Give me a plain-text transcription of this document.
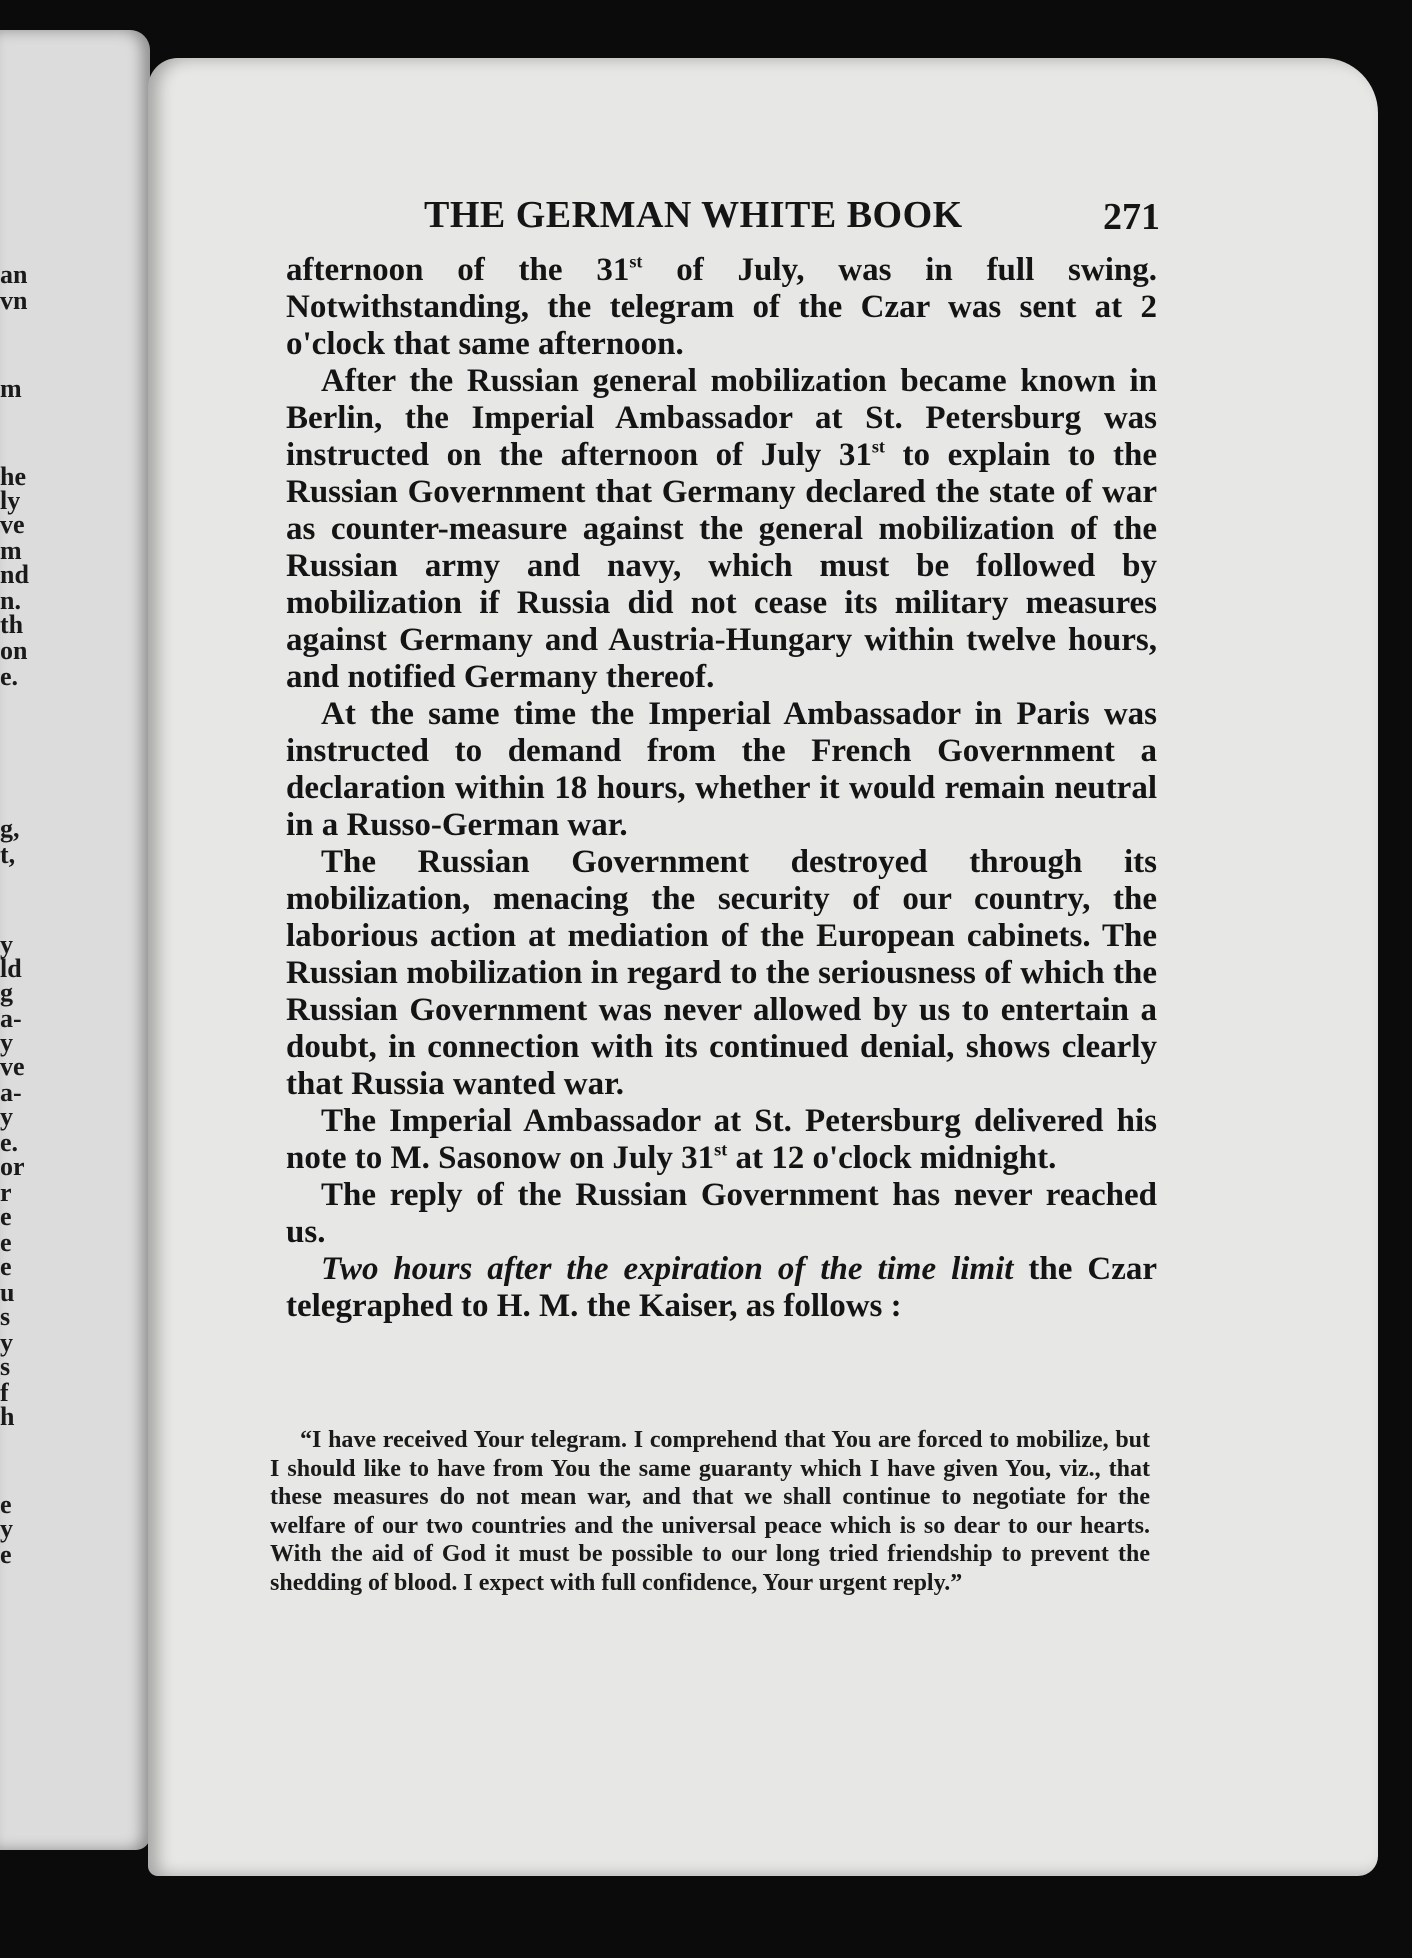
an
vn
m
he
ly
ve
m
nd
n.
th
on
e.
g,
t,
y
ld
g
a-
y
ve
a-
y
e.
or
r
e
e
e
u
s
y
s
f
h
e
y
e
THE GERMAN WHITE BOOK	271

afternoon of the 31st of July, was in full swing. Notwithstanding, the telegram of the Czar was sent at 2 o'clock that same afternoon.

After the Russian general mobilization became known in Berlin, the Imperial Ambassador at St. Petersburg was instructed on the afternoon of July 31st to explain to the Russian Government that Germany declared the state of war as counter-measure against the general mobilization of the Russian army and navy, which must be followed by mobilization if Russia did not cease its military measures against Germany and Austria-Hungary within twelve hours, and notified Germany thereof.

At the same time the Imperial Ambassador in Paris was instructed to demand from the French Government a declaration within 18 hours, whether it would remain neutral in a Russo-German war.

The Russian Government destroyed through its mobilization, menacing the security of our country, the laborious action at mediation of the European cabinets. The Russian mobilization in regard to the seriousness of which the Russian Government was never allowed by us to entertain a doubt, in connection with its continued denial, shows clearly that Russia wanted war.

The Imperial Ambassador at St. Petersburg delivered his note to M. Sasonow on July 31st at 12 o'clock midnight.

The reply of the Russian Government has never reached us.

Two hours after the expiration of the time limit the Czar telegraphed to H. M. the Kaiser, as follows :

“I have received Your telegram. I comprehend that You are forced to mobilize, but I should like to have from You the same guaranty which I have given You, viz., that these measures do not mean war, and that we shall continue to negotiate for the welfare of our two countries and the universal peace which is so dear to our hearts. With the aid of God it must be possible to our long tried friendship to prevent the shedding of blood. I expect with full confidence, Your urgent reply.”
